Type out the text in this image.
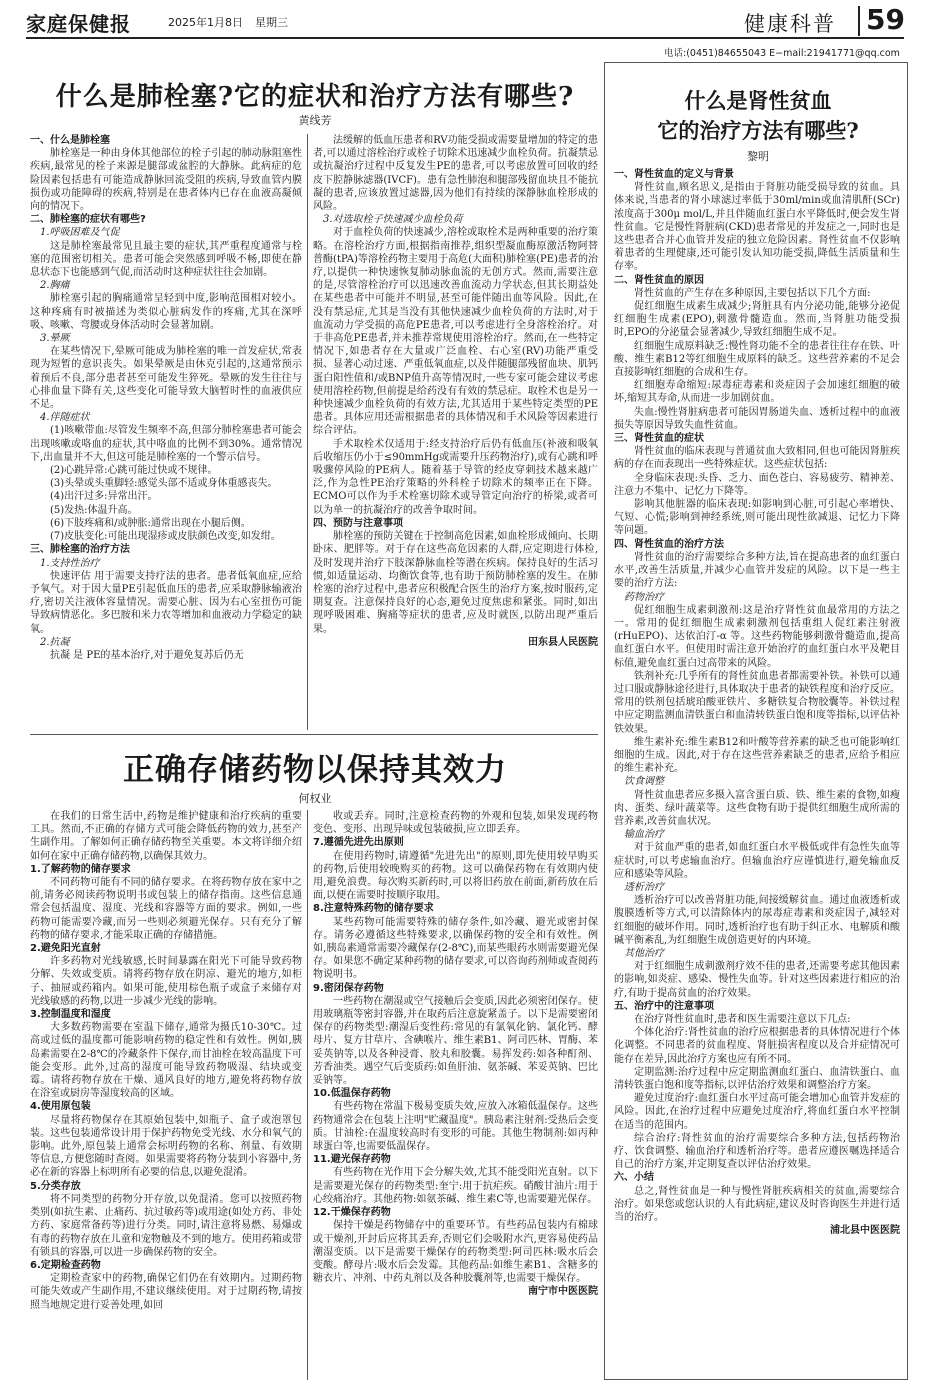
家庭保健报	2025年1月8日 星期三	健康科普 59
电话:(0451)84655043 E−mail:21941771@qq.com
什么是肺栓塞?它的症状和治疗方法有哪些?
黄线芳

一、什么是肺栓塞

肺栓塞是一种由身体其他部位的栓子引起的肺动脉阻塞性疾病,最常见的栓子来源是腿部或盆腔的大静脉。此病症的危险因素包括患有可能造成静脉回流受阻的疾病,导致血管内膜损伤或功能障碍的疾病,特别是在患者体内已存在血液高凝倾向的情况下。

二、肺栓塞的症状有哪些?

1.呼吸困难及气促

这是肺栓塞最常见且最主要的症状,其严重程度通常与栓塞的范围密切相关。患者可能会突然感到呼吸不畅,即使在静息状态下也能感到气促,而活动时这种症状往往会加剧。

2.胸痛

肺栓塞引起的胸痛通常呈轻到中度,影响范围相对较小。这种疼痛有时被描述为类似心脏病发作的疼痛,尤其在深呼吸、咳嗽、弯腰或身体活动时会显著加剧。

3.晕厥

在某些情况下,晕厥可能成为肺栓塞的唯一首发症状,常表现为短暂的意识丧失。如果晕厥是由休克引起的,这通常预示着预后不良,部分患者甚至可能发生猝死。晕厥的发生往往与心排血量下降有关,这些变化可能导致大脑暂时性的血液供应不足。

4.伴随症状

(1)咳嗽带血:尽管发生频率不高,但部分肺栓塞患者可能会出现咳嗽或咯血的症状,其中咯血的比例不到30%。通常情况下,出血量并不大,但这可能是肺栓塞的一个警示信号。

(2)心跳异常:心跳可能过快或不规律。

(3)头晕或头重脚轻:感觉头部不适或身体重感丧失。

(4)出汗过多:异常出汗。

(5)发热:体温升高。

(6)下肢疼痛和/或肿胀:通常出现在小腿后侧。

(7)皮肤变化:可能出现湿疹或皮肤颜色改变,如发绀。

三、肺栓塞的治疗方法

1.支持性治疗

快速评估 用于需要支持疗法的患者。患者低氧血症,应给予氧气。对于因大量PE引起低血压的患者,应采取静脉输液治疗,密切关注液体容量情况。需要心脏、因为右心室扭伤可能导致病情恶化。多巴胺和米力农等增加和血液动力学稳定的缺氧。

2.抗凝

抗凝 是 PE的基本治疗,对于避免复苏后仍无

法缓解的低血压患者和RV功能受损或需要量增加的特定的患者,可以通过溶栓治疗或栓子切除术迅速减少血栓负荷。抗凝禁忌或抗凝治疗过程中反复发生PE的患者,可以考虑放置可回收的经皮下腔静脉滤器(IVCF)。患有急性肺泡和腿部残留血块且不能抗凝的患者,应该放置过滤器,因为他们有持续的深静脉血栓形成的风险。

3.对选取栓子快速减少血栓负荷

对于血栓负荷的快速减少,溶栓或取栓术是两种重要的治疗策略。在溶栓治疗方面,根据指南推荐,组织型凝血酶原激活物阿替普酶(tPA)等溶栓药物主要用于高危(大面积)肺栓塞(PE)患者的治疗,以提供一种快速恢复肺动脉血流的无创方式。然而,需要注意的是,尽管溶栓治疗可以迅速改善血流动力学状态,但其长期益处在某些患者中可能并不明显,甚至可能伴随出血等风险。因此,在没有禁忌症,尤其是当没有其他快速减少血栓负荷的方法时,对于血流动力学受损的高危PE患者,可以考虑进行全身溶栓治疗。对于非高危PE患者,并未推荐常规使用溶栓治疗。然而,在一些特定情况下,如患者存在大量或广泛血栓、右心室(RV)功能严重受损、显著心动过速、严重低氧血症,以及伴随腿部残留血块、肌钙蛋白阳性值和/或BNP值升高等情况时,一些专家可能会建议考虑使用溶栓药物,但前提是给药没有有效的禁忌症。取栓术也是另一种快速减少血栓负荷的有效方法,尤其适用于某些特定类型的PE患者。具体应用还需根据患者的具体情况和手术风险等因素进行综合评估。

手术取栓术仅适用于:经支持治疗后仍有低血压(补液和吸氧后收缩压仍小于≤90mmHg或需要升压药物治疗),或有心跳和呼吸骤停风险的PE病人。随着基于导管的经皮穿刺技术越来越广泛,作为急性PE治疗策略的外科栓子切除术的频率正在下降。ECMO可以作为手术栓塞切除术或导管定向治疗的桥梁,或者可以为单一的抗凝治疗的改善争取时间。

四、预防与注意事项

肺栓塞的预防关键在于控制高危因素,如血栓形成倾向、长期卧床、肥胖等。对于存在这些高危因素的人群,应定期进行体检,及时发现并治疗下肢深静脉血栓等潜在疾病。保持良好的生活习惯,如适量运动、均衡饮食等,也有助于预防肺栓塞的发生。在肺栓塞的治疗过程中,患者应积极配合医生的治疗方案,按时服药,定期复查。注意保持良好的心态,避免过度焦虑和紧张。同时,如出现呼吸困难、胸痛等症状的患者,应及时就医,以防出现严重后果。

田东县人民医院

正确存储药物以保持其效力
何权业

在我们的日常生活中,药物是维护健康和治疗疾病的重要工具。然而,不正确的存储方式可能会降低药物的效力,甚至产生副作用。了解如何正确存储药物至关重要。本文将详细介绍如何在家中正确存储药物,以确保其效力。

1.了解药物的储存要求

不同药物可能有不同的储存要求。在将药物存放在家中之前,请务必阅读药物说明书或包装上的储存指南。这些信息通常会包括温度、湿度、光线和容器等方面的要求。例如,一些药物可能需要冷藏,而另一些则必须避光保存。只有充分了解药物的储存要求,才能采取正确的存储措施。

2.避免阳光直射

许多药物对光线敏感,长时间暴露在阳光下可能导致药物分解、失效或变质。请将药物存放在阴凉、避光的地方,如柜子、抽屉或药箱内。如果可能,使用棕色瓶子或盒子来储存对光线敏感的药物,以进一步减少光线的影响。

3.控制温度和湿度

大多数药物需要在室温下储存,通常为摄氏10-30℃。过高或过低的温度都可能影响药物的稳定性和有效性。例如,胰岛素需要在2-8℃的冷藏条件下保存,而甘油栓在较高温度下可能会变形。此外,过高的湿度可能导致药物吸湿、结块或变霉。请将药物存放在干燥、通风良好的地方,避免将药物存放在浴室或厨房等湿度较高的区域。

4.使用原包装

尽量将药物保存在其原始包装中,如瓶子、盒子或泡罩包装。这些包装通常设计用于保护药物免受光线、水分和氧气的影响。此外,原包装上通常会标明药物的名称、剂量、有效期等信息,方便您随时查阅。如果需要将药物分装到小容器中,务必在新的容器上标明所有必要的信息,以避免混淆。

5.分类存放

将不同类型的药物分开存放,以免混淆。您可以按照药物类别(如抗生素、止痛药、抗过敏药等)或用途(如处方药、非处方药、家庭常备药等)进行分类。同时,请注意将易燃、易爆或有毒的药物存放在儿童和宠物触及不到的地方。使用药箱或带有锁具的容器,可以进一步确保药物的安全。

6.定期检查药物

定期检查家中的药物,确保它们仍在有效期内。过期药物可能失效或产生副作用,不建议继续使用。对于过期药物,请按照当地规定进行妥善处理,如回

收或丢弃。同时,注意检查药物的外观和包装,如果发现药物变色、变形、出现异味或包装破损,应立即丢弃。

7.遵循先进先出原则

在使用药物时,请遵循"先进先出"的原则,即先使用较早购买的药物,后使用较晚购买的药物。这可以确保药物在有效期内使用,避免浪费。每次购买新药时,可以将旧药放在前面,新药放在后面,以便在需要时按顺序取用。

8.注意特殊药物的储存要求

某些药物可能需要特殊的储存条件,如冷藏、避光或密封保存。请务必遵循这些特殊要求,以确保药物的安全和有效性。例如,胰岛素通常需要冷藏保存(2-8℃),而某些眼药水则需要避光保存。如果您不确定某种药物的储存要求,可以咨询药剂师或查阅药物说明书。

9.密闭保存药物

一些药物在潮湿或空气接触后会变质,因此必须密闭保存。使用玻璃瓶等密封容器,并在取药后注意旋紧盖子。以下是需要密闭保存的药物类型:潮湿后变性药:常见的有氯氧化钠、氯化钙、酵母片、复方甘草片、含碘喉片、维生素B1、阿司匹林、胃酶、苯妥英钠等,以及各种浸膏、胶丸和胶囊。易挥发药:如各种酊剂、芳香油类。遇空气后变质药:如鱼肝油、氨茶碱、苯妥英钠、巴比妥钠等。

10.低温保存药物

有些药物在常温下极易变质失效,应放入冰箱低温保存。这些药物通常会在包装上注明"贮藏温度"。胰岛素注射剂:受热后会变质。甘油栓:在温度较高时有变形的可能。其他生物制剂:如丙种球蛋白等,也需要低温保存。

11.避光保存药物

有些药物在光作用下会分解失效,尤其不能受阳光直射。以下是需要避光保存的药物类型:奎宁:用于抗疟疾。硝酸甘油片:用于心绞痛治疗。其他药物:如氨茶碱、维生素C等,也需要避光保存。

12.干燥保存药物

保持干燥是药物储存中的重要环节。有些药品包装内有棉球或干燥剂,开封后应将其丢弃,否则它们会吸附水汽,更容易使药品潮湿变质。以下是需要干燥保存的药物类型:阿司匹林:吸水后会变酸。酵母片:吸水后会发霉。其他药品:如维生素B1、含糖多的糖衣片、冲剂、中药丸剂以及各种胶囊剂等,也需要干燥保存。

南宁市中医医院

什么是肾性贫血
它的治疗方法有哪些?
黎明

一、肾性贫血的定义与背景

肾性贫血,顾名思义,是指由于肾脏功能受损导致的贫血。具体来说,当患者的肾小球滤过率低于30ml/min或血清肌酐(SCr)浓度高于300μ mol/L,并且伴随血红蛋白水平降低时,便会发生肾性贫血。它是慢性肾脏病(CKD)患者常见的并发症之一,同时也是这些患者合并心血管并发症的独立危险因素。肾性贫血不仅影响着患者的生理健康,还可能引发认知功能受损,降低生活质量和生存率。

二、肾性贫血的原因

肾性贫血的产生存在多种原因,主要包括以下几个方面:

促红细胞生成素生成减少;肾脏具有内分泌功能,能够分泌促红细胞生成素(EPO),刺激骨髓造血。然而,当肾脏功能受损时,EPO的分泌量会显著减少,导致红细胞生成不足。

红细胞生成原料缺乏:慢性肾功能不全的患者往往存在铁、叶酸、维生素B12等红细胞生成原料的缺乏。这些营养素的不足会直接影响红细胞的合成和生存。

红细胞寿命缩短:尿毒症毒素和炎症因子会加速红细胞的破坏,缩短其寿命,从而进一步加剧贫血。

失血:慢性肾脏病患者可能因胃肠道失血、透析过程中的血液损失等原因导致失血性贫血。

三、肾性贫血的症状

肾性贫血的临床表现与普通贫血大致相同,但也可能因肾脏疾病的存在而表现出一些特殊症状。这些症状包括:

全身临床表现:头昏、乏力、面色苍白、容易疲劳、精神差、注意力不集中、记忆力下降等。

影响其他脏器的临床表现:如影响到心脏,可引起心率增快、气短、心慌;影响到神经系统,则可能出现性欲减退、记忆力下降等问题。

四、肾性贫血的治疗方法

肾性贫血的治疗需要综合多种方法,旨在提高患者的血红蛋白水平,改善生活质量,并减少心血管并发症的风险。以下是一些主要的治疗方法:

药物治疗

促红细胞生成素刺激剂:这是治疗肾性贫血最常用的方法之一。常用的促红细胞生成素刺激剂包括重组人促红素注射液(rHuEPO)、达依泊汀-α 等。这些药物能够刺激骨髓造血,提高血红蛋白水平。但使用时需注意开始治疗的血红蛋白水平及靶目标值,避免血红蛋白过高带来的风险。

铁剂补充:几乎所有的肾性贫血患者都需要补铁。补铁可以通过口服或静脉途径进行,具体取决于患者的缺铁程度和治疗反应。常用的铁剂包括琥珀酸亚铁片、多糖铁复合物胶囊等。补铁过程中应定期监测血清铁蛋白和血清转铁蛋白饱和度等指标,以评估补铁效果。

维生素补充:维生素B12和叶酸等营养素的缺乏也可能影响红细胞的生成。因此,对于存在这些营养素缺乏的患者,应给予相应的维生素补充。

饮食调整

肾性贫血患者应多摄入富含蛋白质、铁、维生素的食物,如瘦肉、蛋类、绿叶蔬菜等。这些食物有助于提供红细胞生成所需的营养素,改善贫血状况。

输血治疗

对于贫血严重的患者,如血红蛋白水平极低或伴有急性失血等症状时,可以考虑输血治疗。但输血治疗应谨慎进行,避免输血反应和感染等风险。

透析治疗

透析治疗可以改善肾脏功能,间接缓解贫血。通过血液透析或腹膜透析等方式,可以清除体内的尿毒症毒素和炎症因子,减轻对红细胞的破坏作用。同时,透析治疗也有助于纠正水、电解质和酸碱平衡紊乱,为红细胞生成创造更好的内环境。

其他治疗

对于红细胞生成刺激剂疗效不佳的患者,还需要考虑其他因素的影响,如炎症、感染、慢性失血等。针对这些因素进行相应的治疗,有助于提高贫血的治疗效果。

五、治疗中的注意事项

在治疗肾性贫血时,患者和医生需要注意以下几点:

个体化治疗:肾性贫血的治疗应根据患者的具体情况进行个体化调整。不同患者的贫血程度、肾脏损害程度以及合并症情况可能存在差异,因此治疗方案也应有所不同。

定期监测:治疗过程中应定期监测血红蛋白、血清铁蛋白、血清转铁蛋白饱和度等指标,以评估治疗效果和调整治疗方案。

避免过度治疗:血红蛋白水平过高可能会增加心血管并发症的风险。因此,在治疗过程中应避免过度治疗,将血红蛋白水平控制在适当的范围内。

综合治疗:肾性贫血的治疗需要综合多种方法,包括药物治疗、饮食调整、输血治疗和透析治疗等。患者应遵医嘱选择适合自己的治疗方案,并定期复查以评估治疗效果。

六、小结

总之,肾性贫血是一种与慢性肾脏疾病相关的贫血,需要综合治疗。如果您或您认识的人有此病症,建议及时咨询医生并进行适当的治疗。

浦北县中医医院
